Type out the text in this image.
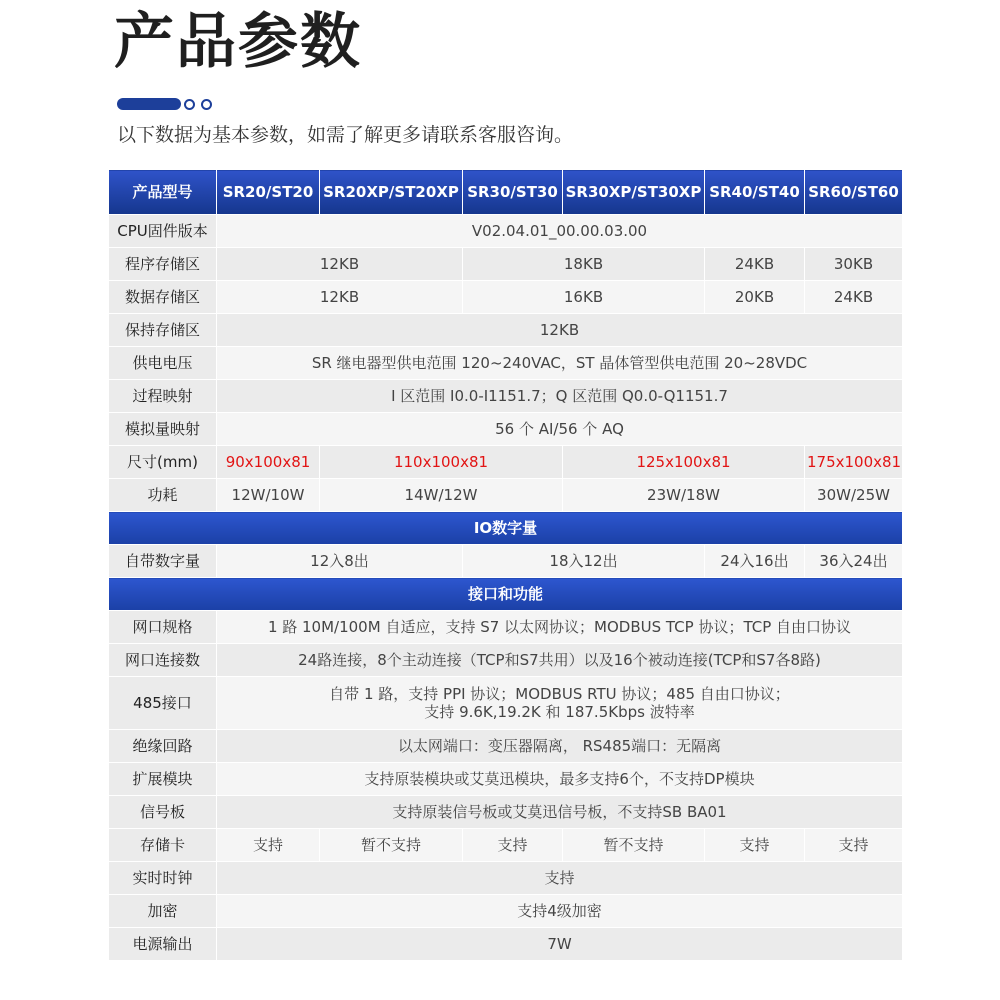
产品参数

以下数据为基本参数，如需了解更多请联系客服咨询。

产品型号	SR20/ST20	SR20XP/ST20XP	SR30/ST30	SR30XP/ST30XP	SR40/ST40	SR60/ST60
CPU固件版本	V02.04.01_00.00.03.00					
程序存储区	12KB		18KB		24KB	30KB
数据存储区	12KB		16KB		20KB	24KB
保持存储区	12KB					
供电电压	SR 继电器型供电范围 120~240VAC，ST 晶体管型供电范围 20~28VDC					
过程映射	I 区范围 I0.0-I1151.7；Q 区范围 Q0.0-Q1151.7					
模拟量映射	56 个 AI/56 个 AQ					
尺寸(mm)	90x100x81	110x100x81		125x100x81		175x100x81
功耗	12W/10W	14W/12W		23W/18W		30W/25W
IO数字量						
自带数字量	12入8出		18入12出		24入16出	36入24出
接口和功能						
网口规格	1 路 10M/100M 自适应，支持 S7 以太网协议；MODBUS TCP 协议；TCP 自由口协议					
网口连接数	24路连接，8个主动连接（TCP和S7共用）以及16个被动连接(TCP和S7各8路)					
485接口	自带 1 路，支持 PPI 协议；MODBUS RTU 协议；485 自由口协议；
支持 9.6K,19.2K 和 187.5Kbps 波特率					

绝缘回路	以太网端口：变压器隔离， RS485端口：无隔离					
扩展模块	支持原装模块或艾莫迅模块，最多支持6个，不支持DP模块					
信号板	支持原装信号板或艾莫迅信号板，不支持SB BA01					
存储卡	支持	暂不支持	支持	暂不支持	支持	支持
实时时钟	支持					
加密	支持4级加密					
电源输出	7W					
